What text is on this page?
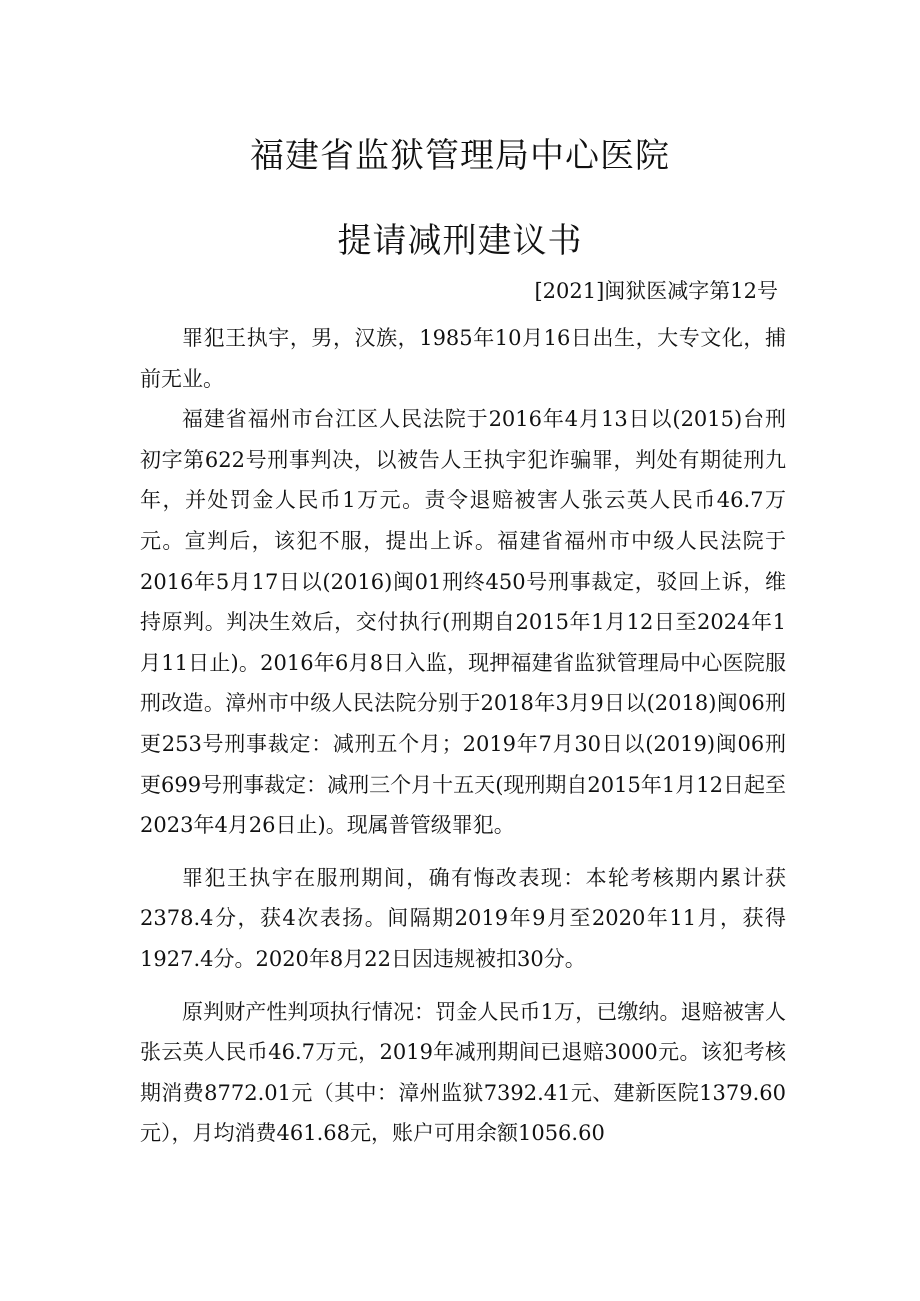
福建省监狱管理局中心医院
提请减刑建议书
[2021]闽狱医减字第12号

罪犯王执宇，男，汉族，1985年10月16日出生，大专文化，捕前无业。

福建省福州市台江区人民法院于2016年4月13日以(2015)台刑初字第622号刑事判决，以被告人王执宇犯诈骗罪，判处有期徒刑九年，并处罚金人民币1万元。责令退赔被害人张云英人民币46.7万元。宣判后，该犯不服，提出上诉。福建省福州市中级人民法院于2016年5月17日以(2016)闽01刑终450号刑事裁定，驳回上诉，维持原判。判决生效后，交付执行(刑期自2015年1月12日至2024年1月11日止)。2016年6月8日入监，现押福建省监狱管理局中心医院服刑改造。漳州市中级人民法院分别于2018年3月9日以(2018)闽06刑更253号刑事裁定：减刑五个月；2019年7月30日以(2019)闽06刑更699号刑事裁定：减刑三个月十五天(现刑期自2015年1月12日起至2023年4月26日止)。现属普管级罪犯。

罪犯王执宇在服刑期间，确有悔改表现：本轮考核期内累计获2378.4分，获4次表扬。间隔期2019年9月至2020年11月，获得1927.4分。2020年8月22日因违规被扣30分。

原判财产性判项执行情况：罚金人民币1万，已缴纳。退赔被害人张云英人民币46.7万元，2019年减刑期间已退赔3000元。该犯考核期消费8772.01元（其中：漳州监狱7392.41元、建新医院1379.60元），月均消费461.68元，账户可用余额1056.60
